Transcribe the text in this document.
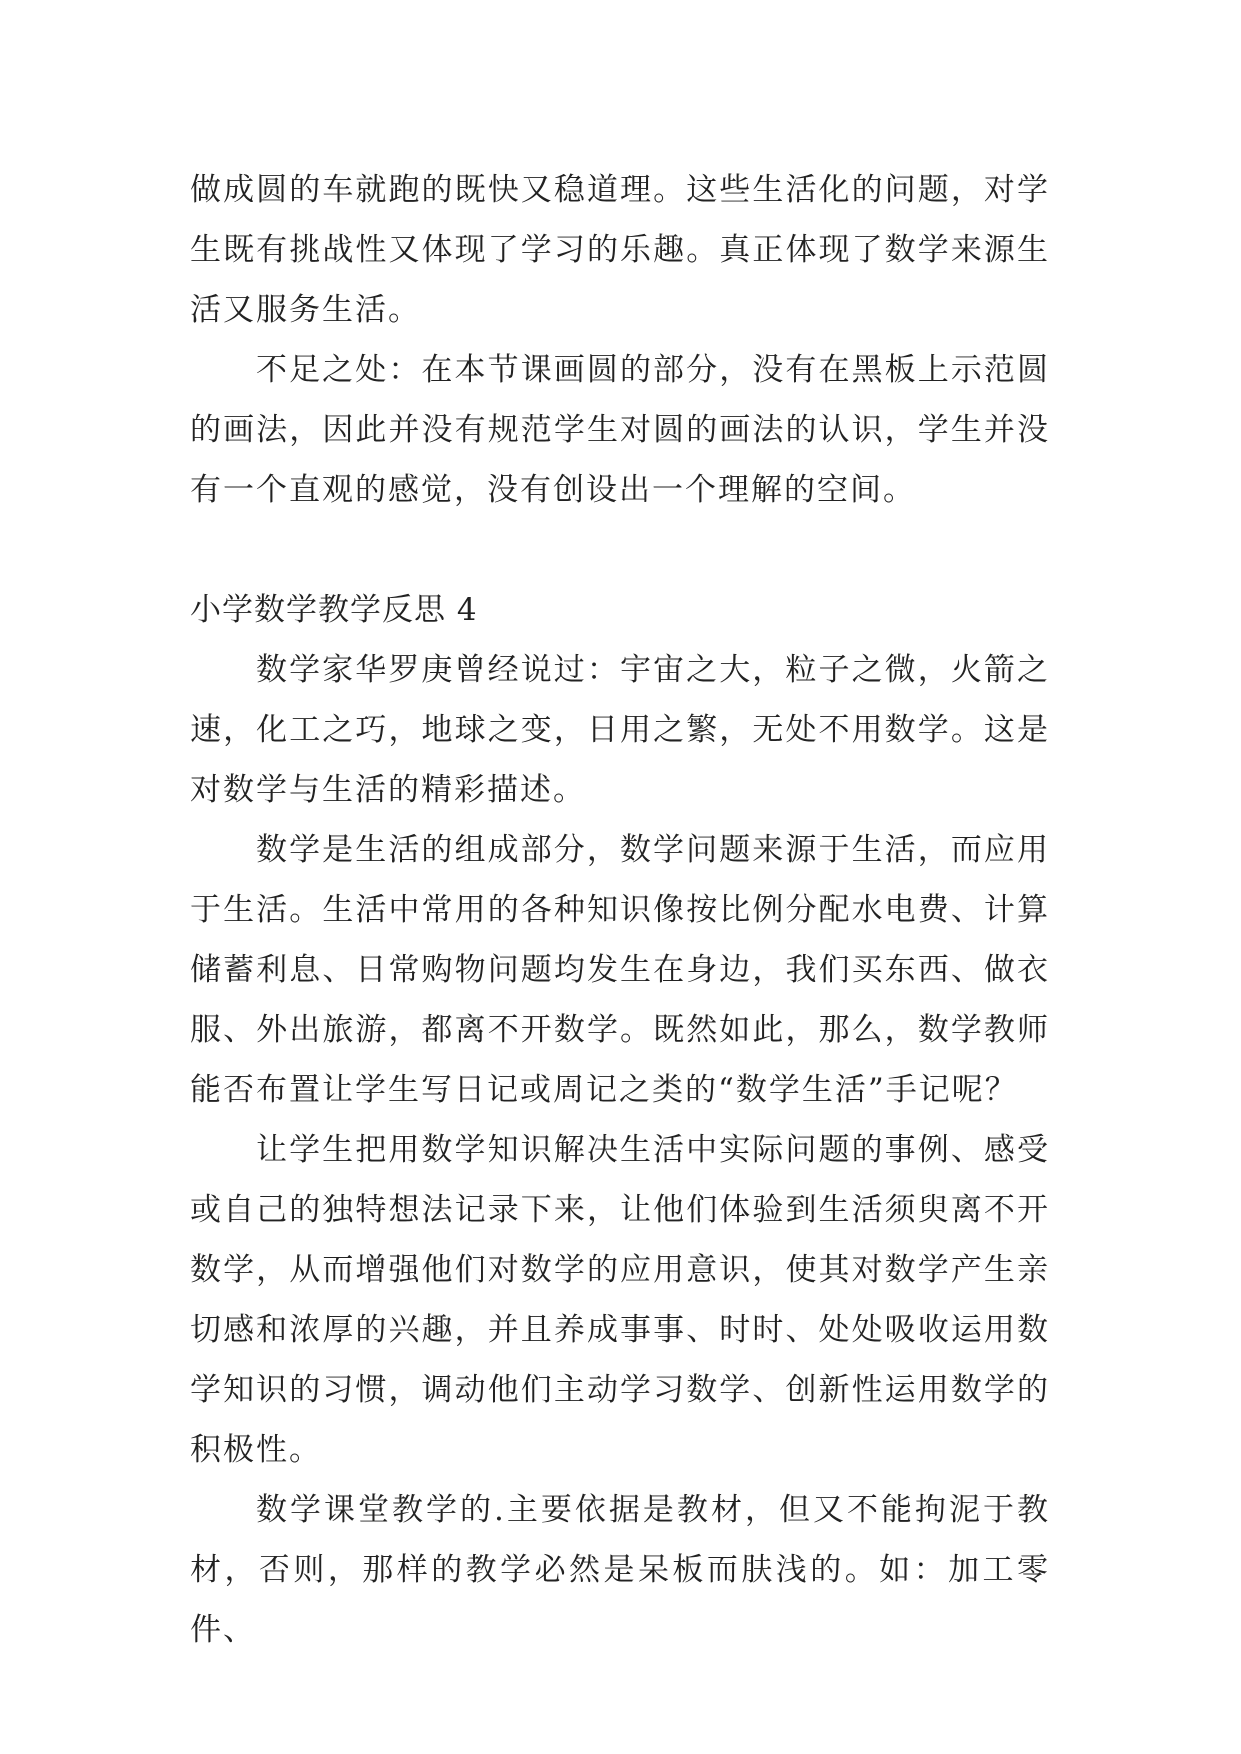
做成圆的车就跑的既快又稳道理。这些生活化的问题，对学生既有挑战性又体现了学习的乐趣。真正体现了数学来源生活又服务生活。

不足之处：在本节课画圆的部分，没有在黑板上示范圆的画法，因此并没有规范学生对圆的画法的认识，学生并没有一个直观的感觉，没有创设出一个理解的空间。

小学数学教学反思 4

数学家华罗庚曾经说过：宇宙之大，粒子之微，火箭之速，化工之巧，地球之变，日用之繁，无处不用数学。这是对数学与生活的精彩描述。

数学是生活的组成部分，数学问题来源于生活，而应用于生活。生活中常用的各种知识像按比例分配水电费、计算储蓄利息、日常购物问题均发生在身边，我们买东西、做衣服、外出旅游，都离不开数学。既然如此，那么，数学教师能否布置让学生写日记或周记之类的“数学生活”手记呢？

让学生把用数学知识解决生活中实际问题的事例、感受或自己的独特想法记录下来，让他们体验到生活须臾离不开数学，从而增强他们对数学的应用意识，使其对数学产生亲切感和浓厚的兴趣，并且养成事事、时时、处处吸收运用数学知识的习惯，调动他们主动学习数学、创新性运用数学的积极性。

数学课堂教学的.主要依据是教材，但又不能拘泥于教材，否则，那样的教学必然是呆板而肤浅的。如：加工零件、
